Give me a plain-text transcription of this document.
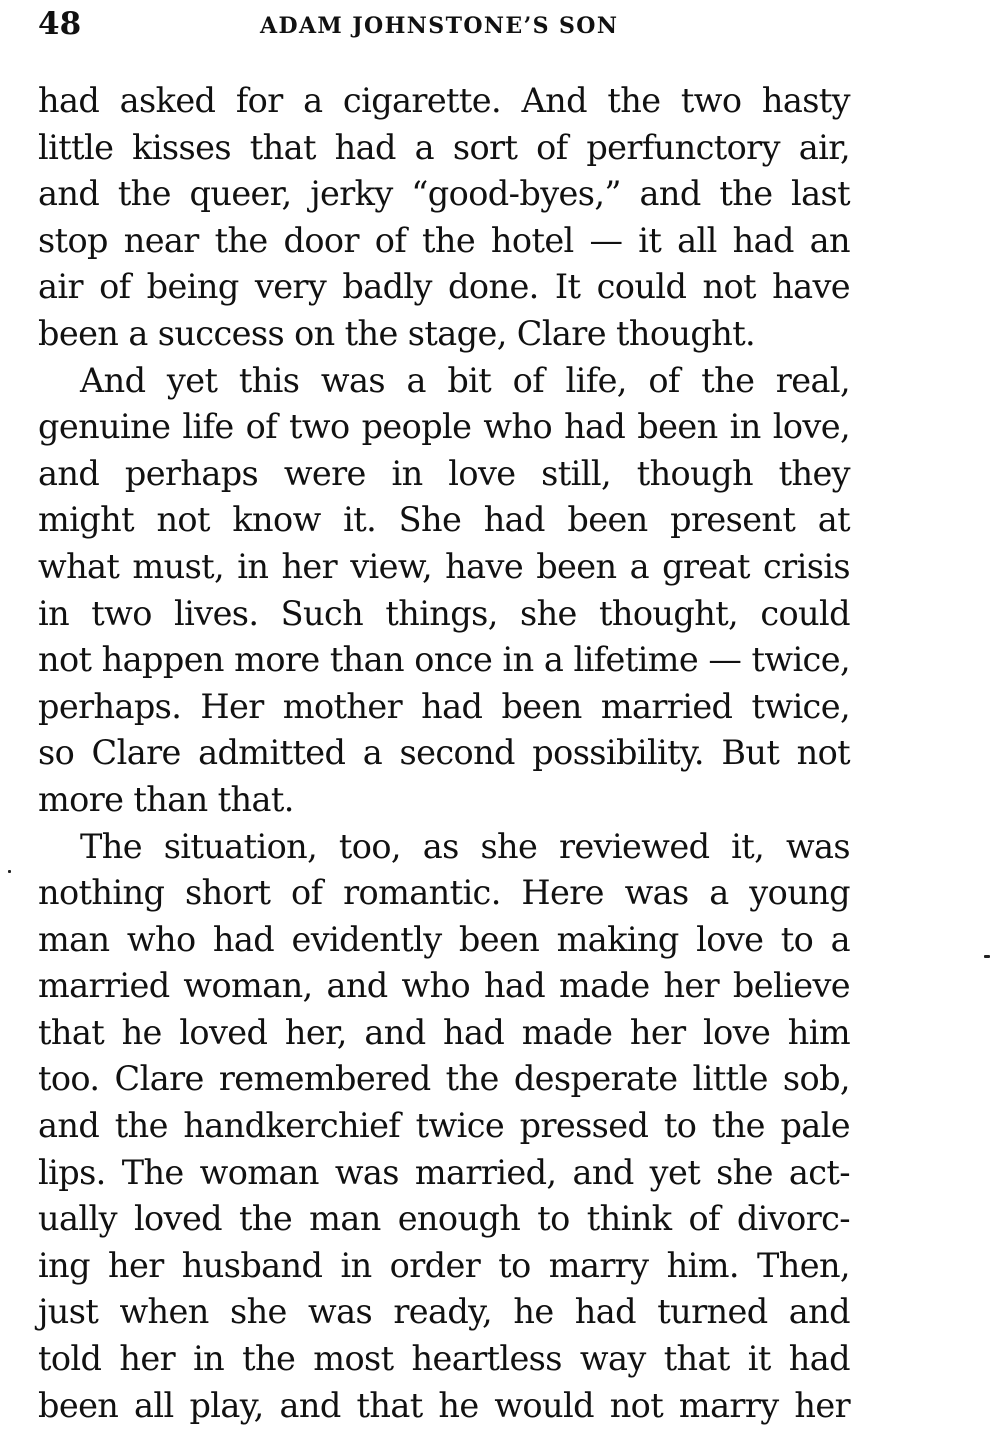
48	ADAM JOHNSTONE’S SON

had asked for a cigarette. And the two hasty
little kisses that had a sort of perfunctory air,
and the queer, jerky “good-byes,” and the last
stop near the door of the hotel — it all had an
air of being very badly done. It could not have
been a success on the stage, Clare thought.

And yet this was a bit of life, of the real,
genuine life of two people who had been in love,
and perhaps were in love still, though they
might not know it. She had been present at
what must, in her view, have been a great crisis
in two lives. Such things, she thought, could
not happen more than once in a lifetime — twice,
perhaps. Her mother had been married twice,
so Clare admitted a second possibility. But not
more than that.

The situation, too, as she reviewed it, was
nothing short of romantic. Here was a young
man who had evidently been making love to a
married woman, and who had made her believe
that he loved her, and had made her love him
too. Clare remembered the desperate little sob,
and the handkerchief twice pressed to the pale
lips. The woman was married, and yet she act-
ually loved the man enough to think of divorc-
ing her husband in order to marry him. Then,
just when she was ready, he had turned and
told her in the most heartless way that it had
been all play, and that he would not marry her
